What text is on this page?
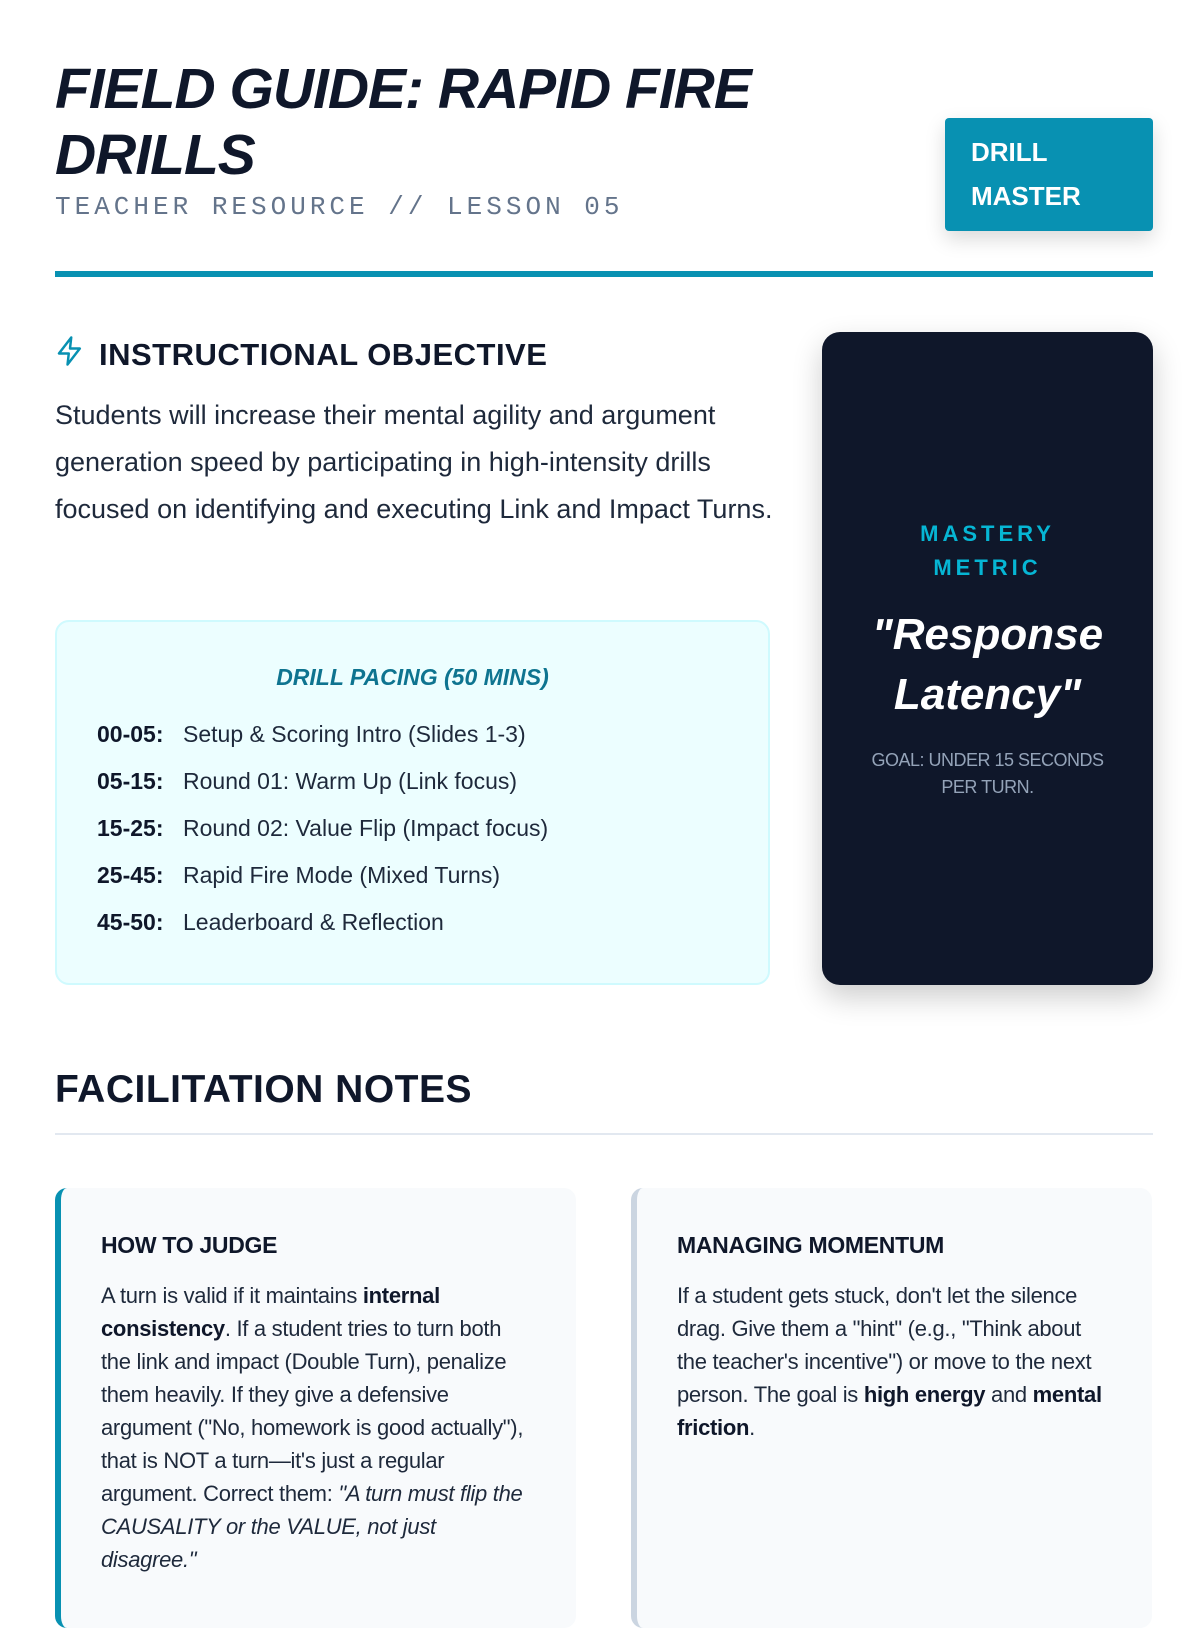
FIELD GUIDE: RAPID FIRE DRILLS
TEACHER RESOURCE // LESSON 05
DRILL
MASTER
INSTRUCTIONAL OBJECTIVE
Students will increase their mental agility and argument generation speed by participating in high-intensity drills focused on identifying and executing Link and Impact Turns.
DRILL PACING (50 MINS)
00-05: Setup & Scoring Intro (Slides 1-3)
05-15: Round 01: Warm Up (Link focus)
15-25: Round 02: Value Flip (Impact focus)
25-45: Rapid Fire Mode (Mixed Turns)
45-50: Leaderboard & Reflection
MASTERY METRIC
"Response Latency"
GOAL: UNDER 15 SECONDS PER TURN.
FACILITATION NOTES
HOW TO JUDGE

A turn is valid if it maintains internal consistency. If a student tries to turn both the link and impact (Double Turn), penalize them heavily. If they give a defensive argument ("No, homework is good actually"), that is NOT a turn—it's just a regular argument. Correct them: "A turn must flip the CAUSALITY or the VALUE, not just disagree."

MANAGING MOMENTUM

If a student gets stuck, don't let the silence drag. Give them a "hint" (e.g., "Think about the teacher's incentive") or move to the next person. The goal is high energy and mental friction.
